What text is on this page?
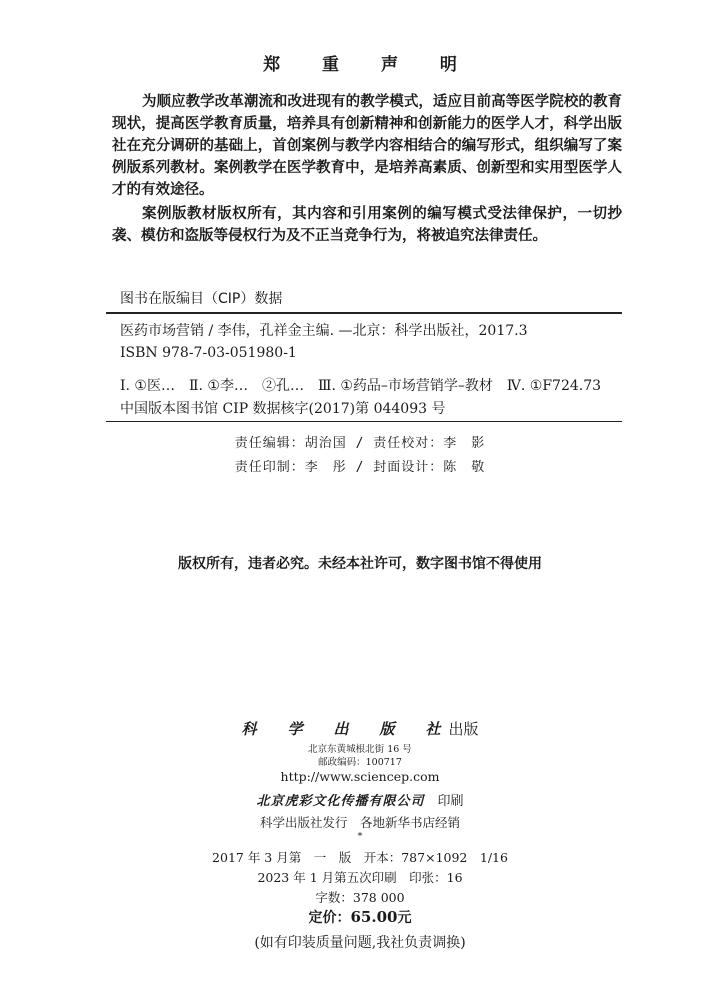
郑 重 声 明

为顺应教学改革潮流和改进现有的教学模式，适应目前高等医学院校的教育现状，提高医学教育质量，培养具有创新精神和创新能力的医学人才，科学出版社在充分调研的基础上，首创案例与教学内容相结合的编写形式，组织编写了案例版系列教材。案例教学在医学教育中，是培养高素质、创新型和实用型医学人才的有效途径。

案例版教材版权所有，其内容和引用案例的编写模式受法律保护，一切抄袭、模仿和盗版等侵权行为及不正当竞争行为，将被追究法律责任。

图书在版编目（CIP）数据
医药市场营销 / 李伟，孔祥金主编. —北京：科学出版社，2017.3
ISBN 978-7-03-051980-1
Ⅰ. ①医…　Ⅱ. ①李…　②孔…　Ⅲ. ①药品–市场营销学–教材　Ⅳ. ①F724.73
中国版本图书馆 CIP 数据核字(2017)第 044093 号
责任编辑：胡治国 / 责任校对：李　影
责任印制：李　彤 / 封面设计：陈　敬
版权所有，违者必究。未经本社许可，数字图书馆不得使用
科　学　出　版　社出版
北京东黄城根北街 16 号
邮政编码：100717
http://www.sciencep.com
北京虎彩文化传播有限公司　 印刷
科学出版社发行　各地新华书店经销
*
2017 年 3 月第　一　版　开本：787×1092　1/16
2023 年 1 月第五次印刷　印张：16
字数：378 000
定价：65.00元
(如有印装质量问题,我社负责调换)
